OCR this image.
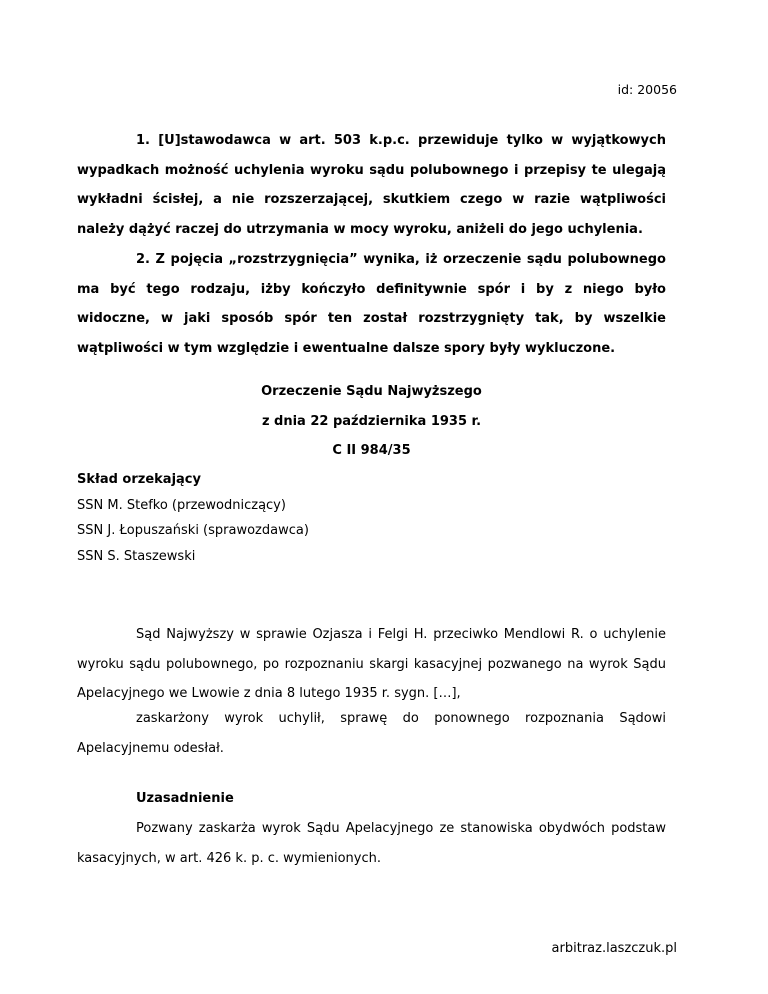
id: 20056

1. [U]stawodawca w art. 503 k.p.c. przewiduje tylko w wyjątkowych wypadkach możność uchylenia wyroku sądu polubownego i przepisy te ulegają wykładni ścisłej, a nie rozszerzającej, skutkiem czego w razie wątpliwości należy dążyć raczej do utrzymania w mocy wyroku, aniżeli do jego uchylenia.

2. Z pojęcia „rozstrzygnięcia” wynika, iż orzeczenie sądu polubownego ma być tego rodzaju, iżby kończyło definitywnie spór i by z niego było widoczne, w jaki sposób spór ten został rozstrzygnięty tak, by wszelkie wątpliwości w tym względzie i ewentualne dalsze spory były wykluczone.

Orzeczenie Sądu Najwyższego
z dnia 22 października 1935 r.
C II 984/35
Skład orzekający
SSN M. Stefko (przewodniczący)
SSN J. Łopuszański (sprawozdawca)
SSN S. Staszewski

Sąd Najwyższy w sprawie Ozjasza i Felgi H. przeciwko Mendlowi R. o uchylenie wyroku sądu polubownego, po rozpoznaniu skargi kasacyjnej pozwanego na wyrok Sądu Apelacyjnego we Lwowie z dnia 8 lutego 1935 r. sygn. […],

zaskarżony wyrok uchylił, sprawę do ponownego rozpoznania Sądowi Apelacyjnemu odesłał.

Uzasadnienie

Pozwany zaskarża wyrok Sądu Apelacyjnego ze stanowiska obydwóch podstaw kasacyjnych, w art. 426 k. p. c. wymienionych.

arbitraz.laszczuk.pl
